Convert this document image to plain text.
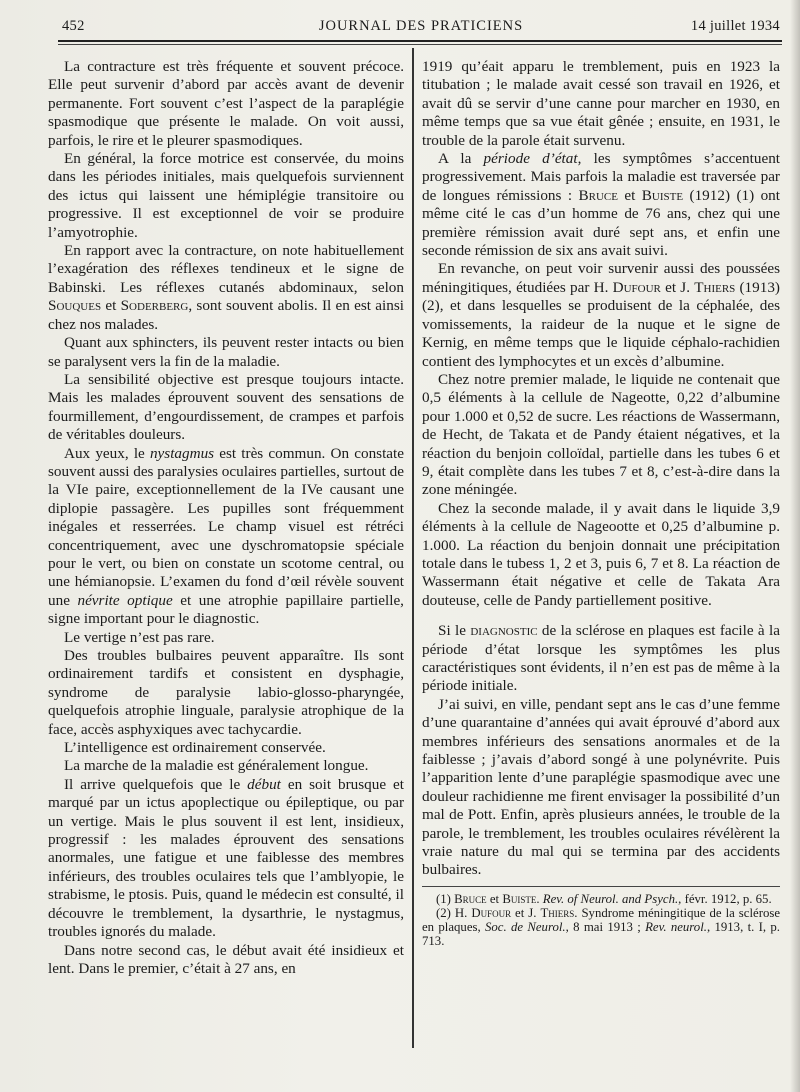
452	JOURNAL DES PRATICIENS	14 juillet 1934

La contracture est très fréquente et souvent précoce. Elle peut survenir d’abord par accès avant de devenir permanente. Fort souvent c’est l’aspect de la paraplégie spasmodique que présente le malade. On voit aussi, parfois, le rire et le pleurer spasmodiques.

En général, la force motrice est conservée, du moins dans les périodes initiales, mais quelquefois surviennent des ictus qui laissent une hémiplégie transitoire ou progressive. Il est exceptionnel de voir se produire l’amyotrophie.

En rapport avec la contracture, on note habituellement l’exagération des réflexes tendineux et le signe de Babinski. Les réflexes cutanés abdominaux, selon Souques et Soderberg, sont souvent abolis. Il en est ainsi chez nos malades.

Quant aux sphincters, ils peuvent rester intacts ou bien se paralysent vers la fin de la maladie.

La sensibilité objective est presque toujours intacte. Mais les malades éprouvent souvent des sensations de fourmillement, d’engourdissement, de crampes et parfois de véritables douleurs.

Aux yeux, le nystagmus est très commun. On constate souvent aussi des paralysies oculaires partielles, surtout de la VIe paire, exceptionnellement de la IVe causant une diplopie passagère. Les pupilles sont fréquemment inégales et resserrées. Le champ visuel est rétréci concentriquement, avec une dyschromatopsie spéciale pour le vert, ou bien on constate un scotome central, ou une hémianopsie. L’examen du fond d’œil révèle souvent une névrite optique et une atrophie papillaire partielle, signe important pour le diagnostic.

Le vertige n’est pas rare.

Des troubles bulbaires peuvent apparaître. Ils sont ordinairement tardifs et consistent en dysphagie, syndrome de paralysie labio-glosso-pharyngée, quelquefois atrophie linguale, paralysie atrophique de la face, accès asphyxiques avec tachycardie.

L’intelligence est ordinairement conservée.

La marche de la maladie est généralement longue.

Il arrive quelquefois que le début en soit brusque et marqué par un ictus apoplectique ou épileptique, ou par un vertige. Mais le plus souvent il est lent, insidieux, progressif : les malades éprouvent des sensations anormales, une fatigue et une faiblesse des membres inférieurs, des troubles oculaires tels que l’amblyopie, le strabisme, le ptosis. Puis, quand le médecin est consulté, il découvre le tremblement, la dysarthrie, le nystagmus, troubles ignorés du malade.

Dans notre second cas, le début avait été insidieux et lent. Dans le premier, c’était à 27 ans, en

1919 qu’éait apparu le tremblement, puis en 1923 la titubation ; le malade avait cessé son travail en 1926, et avait dû se servir d’une canne pour marcher en 1930, en même temps que sa vue était gênée ; ensuite, en 1931, le trouble de la parole était survenu.

A la période d’état, les symptômes s’accentuent progressivement. Mais parfois la maladie est traversée par de longues rémissions : Bruce et Buiste (1912) (1) ont même cité le cas d’un homme de 76 ans, chez qui une première rémission avait duré sept ans, et enfin une seconde rémission de six ans avait suivi.

En revanche, on peut voir survenir aussi des poussées méningitiques, étudiées par H. Dufour et J. Thiers (1913) (2), et dans lesquelles se produisent de la céphalée, des vomissements, la raideur de la nuque et le signe de Kernig, en même temps que le liquide céphalo-rachidien contient des lymphocytes et un excès d’albumine.

Chez notre premier malade, le liquide ne contenait que 0,5 éléments à la cellule de Nageotte, 0,22 d’albumine pour 1.000 et 0,52 de sucre. Les réactions de Wassermann, de Hecht, de Takata et de Pandy étaient négatives, et la réaction du benjoin colloïdal, partielle dans les tubes 6 et 9, était complète dans les tubes 7 et 8, c’est-à-dire dans la zone méningée.

Chez la seconde malade, il y avait dans le liquide 3,9 éléments à la cellule de Nageootte et 0,25 d’albumine p. 1.000. La réaction du benjoin donnait une précipitation totale dans le tubess 1, 2 et 3, puis 6, 7 et 8. La réaction de Wassermann était négative et celle de Takata Ara douteuse, celle de Pandy partiellement positive.

Si le diagnostic de la sclérose en plaques est facile à la période d’état lorsque les symptômes les plus caractéristiques sont évidents, il n’en est pas de même à la période initiale.

J’ai suivi, en ville, pendant sept ans le cas d’une femme d’une quarantaine d’années qui avait éprouvé d’abord aux membres inférieurs des sensations anormales et de la faiblesse ; j’avais d’abord songé à une polynévrite. Puis l’apparition lente d’une paraplégie spasmodique avec une douleur rachidienne me firent envisager la possibilité d’un mal de Pott. Enfin, après plusieurs années, le trouble de la parole, le tremblement, les troubles oculaires révélèrent la vraie nature du mal qui se termina par des accidents bulbaires.

(1) Bruce et Buiste. Rev. of Neurol. and Psych., févr. 1912, p. 65.

(2) H. Dufour et J. Thiers. Syndrome méningitique de la sclérose en plaques, Soc. de Neurol., 8 mai 1913 ; Rev. neurol., 1913, t. I, p. 713.
